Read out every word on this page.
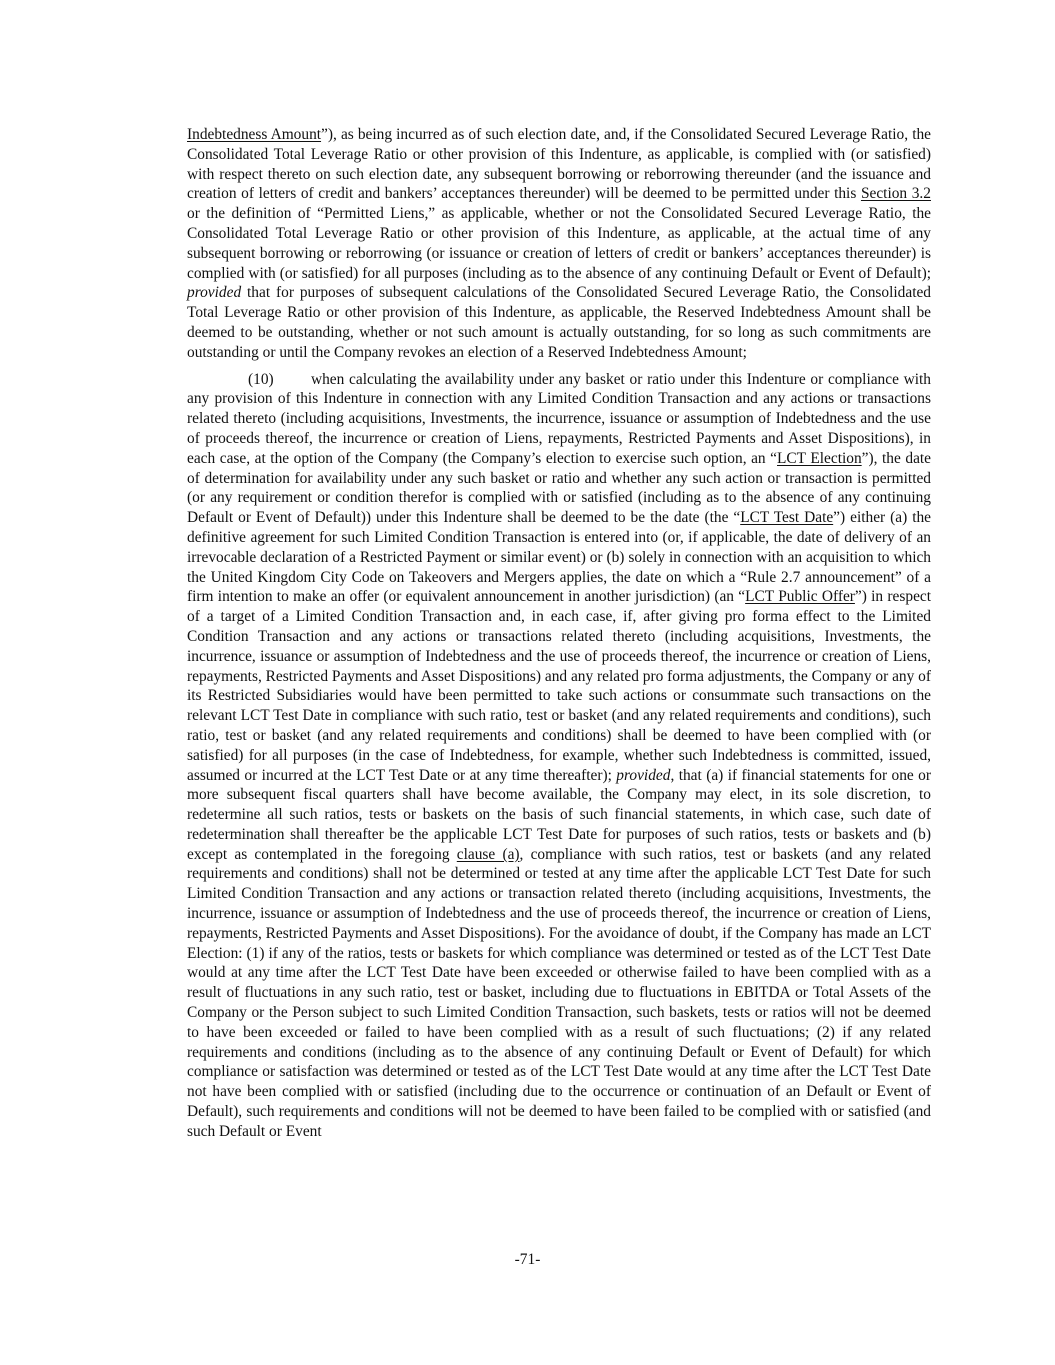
Indebtedness Amount”), as being incurred as of such election date, and, if the Consolidated Secured Leverage Ratio, the Consolidated Total Leverage Ratio or other provision of this Indenture, as applicable, is complied with (or satisfied) with respect thereto on such election date, any subsequent borrowing or reborrowing thereunder (and the issuance and creation of letters of credit and bankers’ acceptances thereunder) will be deemed to be permitted under this Section 3.2 or the definition of “Permitted Liens,” as applicable, whether or not the Consolidated Secured Leverage Ratio, the Consolidated Total Leverage Ratio or other provision of this Indenture, as applicable, at the actual time of any subsequent borrowing or reborrowing (or issuance or creation of letters of credit or bankers’ acceptances thereunder) is complied with (or satisfied) for all purposes (including as to the absence of any continuing Default or Event of Default); provided that for purposes of subsequent calculations of the Consolidated Secured Leverage Ratio, the Consolidated Total Leverage Ratio or other provision of this Indenture, as applicable, the Reserved Indebtedness Amount shall be deemed to be outstanding, whether or not such amount is actually outstanding, for so long as such commitments are outstanding or until the Company revokes an election of a Reserved Indebtedness Amount;

(10) when calculating the availability under any basket or ratio under this Indenture or compliance with any provision of this Indenture in connection with any Limited Condition Transaction and any actions or transactions related thereto (including acquisitions, Investments, the incurrence, issuance or assumption of Indebtedness and the use of proceeds thereof, the incurrence or creation of Liens, repayments, Restricted Payments and Asset Dispositions), in each case, at the option of the Company (the Company’s election to exercise such option, an “LCT Election”), the date of determination for availability under any such basket or ratio and whether any such action or transaction is permitted (or any requirement or condition therefor is complied with or satisfied (including as to the absence of any continuing Default or Event of Default)) under this Indenture shall be deemed to be the date (the “LCT Test Date”) either (a) the definitive agreement for such Limited Condition Transaction is entered into (or, if applicable, the date of delivery of an irrevocable declaration of a Restricted Payment or similar event) or (b) solely in connection with an acquisition to which the United Kingdom City Code on Takeovers and Mergers applies, the date on which a “Rule 2.7 announcement” of a firm intention to make an offer (or equivalent announcement in another jurisdiction) (an “LCT Public Offer”) in respect of a target of a Limited Condition Transaction and, in each case, if, after giving pro forma effect to the Limited Condition Transaction and any actions or transactions related thereto (including acquisitions, Investments, the incurrence, issuance or assumption of Indebtedness and the use of proceeds thereof, the incurrence or creation of Liens, repayments, Restricted Payments and Asset Dispositions) and any related pro forma adjustments, the Company or any of its Restricted Subsidiaries would have been permitted to take such actions or consummate such transactions on the relevant LCT Test Date in compliance with such ratio, test or basket (and any related requirements and conditions), such ratio, test or basket (and any related requirements and conditions) shall be deemed to have been complied with (or satisfied) for all purposes (in the case of Indebtedness, for example, whether such Indebtedness is committed, issued, assumed or incurred at the LCT Test Date or at any time thereafter); provided, that (a) if financial statements for one or more subsequent fiscal quarters shall have become available, the Company may elect, in its sole discretion, to redetermine all such ratios, tests or baskets on the basis of such financial statements, in which case, such date of redetermination shall thereafter be the applicable LCT Test Date for purposes of such ratios, tests or baskets and (b) except as contemplated in the foregoing clause (a), compliance with such ratios, test or baskets (and any related requirements and conditions) shall not be determined or tested at any time after the applicable LCT Test Date for such Limited Condition Transaction and any actions or transaction related thereto (including acquisitions, Investments, the incurrence, issuance or assumption of Indebtedness and the use of proceeds thereof, the incurrence or creation of Liens, repayments, Restricted Payments and Asset Dispositions). For the avoidance of doubt, if the Company has made an LCT Election: (1) if any of the ratios, tests or baskets for which compliance was determined or tested as of the LCT Test Date would at any time after the LCT Test Date have been exceeded or otherwise failed to have been complied with as a result of fluctuations in any such ratio, test or basket, including due to fluctuations in EBITDA or Total Assets of the Company or the Person subject to such Limited Condition Transaction, such baskets, tests or ratios will not be deemed to have been exceeded or failed to have been complied with as a result of such fluctuations; (2) if any related requirements and conditions (including as to the absence of any continuing Default or Event of Default) for which compliance or satisfaction was determined or tested as of the LCT Test Date would at any time after the LCT Test Date not have been complied with or satisfied (including due to the occurrence or continuation of an Default or Event of Default), such requirements and conditions will not be deemed to have been failed to be complied with or satisfied (and such Default or Event

-71-
